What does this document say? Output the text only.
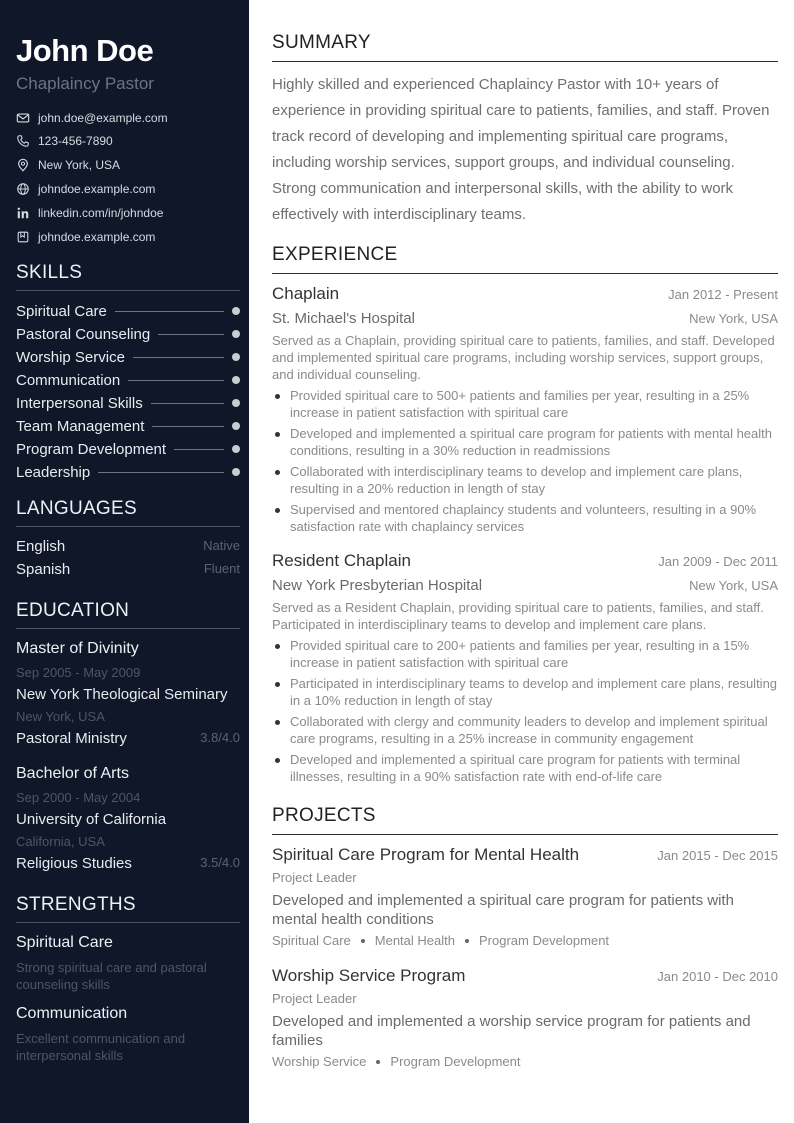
John Doe
Chaplaincy Pastor
john.doe@example.com
123-456-7890
New York, USA
johndoe.example.com
linkedin.com/in/johndoe
johndoe.example.com
SKILLS
Spiritual Care
Pastoral Counseling
Worship Service
Communication
Interpersonal Skills
Team Management
Program Development
Leadership
LANGUAGES
English	Native
Spanish	Fluent
EDUCATION
Master of Divinity
Sep 2005 - May 2009
New York Theological Seminary
New York, USA
Pastoral Ministry	3.8/4.0
Bachelor of Arts
Sep 2000 - May 2004
University of California
California, USA
Religious Studies	3.5/4.0
STRENGTHS
Spiritual Care
Strong spiritual care and pastoral counseling skills
Communication
Excellent communication and interpersonal skills
SUMMARY
Highly skilled and experienced Chaplaincy Pastor with 10+ years of experience in providing spiritual care to patients, families, and staff. Proven track record of developing and implementing spiritual care programs, including worship services, support groups, and individual counseling. Strong communication and interpersonal skills, with the ability to work effectively with interdisciplinary teams.
EXPERIENCE
Chaplain	Jan 2012 - Present
St. Michael's Hospital	New York, USA
Served as a Chaplain, providing spiritual care to patients, families, and staff. Developed and implemented spiritual care programs, including worship services, support groups, and individual counseling.
Provided spiritual care to 500+ patients and families per year, resulting in a 25% increase in patient satisfaction with spiritual care
Developed and implemented a spiritual care program for patients with mental health conditions, resulting in a 30% reduction in readmissions
Collaborated with interdisciplinary teams to develop and implement care plans, resulting in a 20% reduction in length of stay
Supervised and mentored chaplaincy students and volunteers, resulting in a 90% satisfaction rate with chaplaincy services
Resident Chaplain	Jan 2009 - Dec 2011
New York Presbyterian Hospital	New York, USA
Served as a Resident Chaplain, providing spiritual care to patients, families, and staff. Participated in interdisciplinary teams to develop and implement care plans.
Provided spiritual care to 200+ patients and families per year, resulting in a 15% increase in patient satisfaction with spiritual care
Participated in interdisciplinary teams to develop and implement care plans, resulting in a 10% reduction in length of stay
Collaborated with clergy and community leaders to develop and implement spiritual care programs, resulting in a 25% increase in community engagement
Developed and implemented a spiritual care program for patients with terminal illnesses, resulting in a 90% satisfaction rate with end-of-life care
PROJECTS
Spiritual Care Program for Mental Health	Jan 2015 - Dec 2015
Project Leader
Developed and implemented a spiritual care program for patients with mental health conditions
Spiritual Care Mental Health Program Development
Worship Service Program	Jan 2010 - Dec 2010
Project Leader
Developed and implemented a worship service program for patients and families
Worship Service Program Development
